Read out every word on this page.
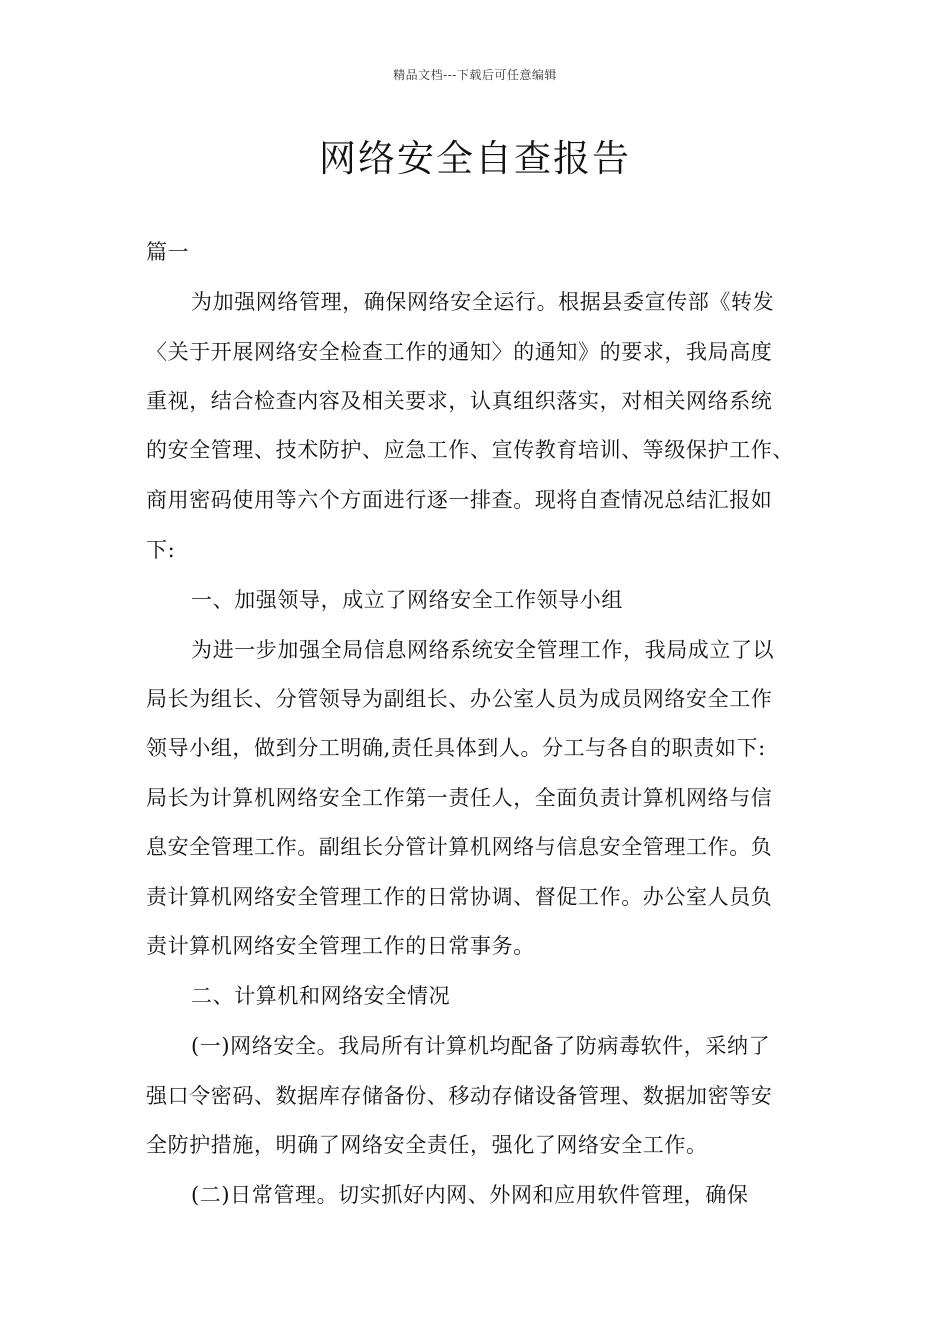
精品文档---下载后可任意编辑
网络安全自查报告
篇一
为加强网络管理，确保网络安全运行。根据县委宣传部《转发
〈关于开展网络安全检查工作的通知〉的通知》的要求，我局高度
重视，结合检查内容及相关要求，认真组织落实，对相关网络系统
的安全管理、技术防护、应急工作、宣传教育培训、等级保护工作、
商用密码使用等六个方面进行逐一排查。现将自查情况总结汇报如
下:
一、加强领导，成立了网络安全工作领导小组
为进一步加强全局信息网络系统安全管理工作，我局成立了以
局长为组长、分管领导为副组长、办公室人员为成员网络安全工作
领导小组，做到分工明确,责任具体到人。分工与各自的职责如下:
局长为计算机网络安全工作第一责任人，全面负责计算机网络与信
息安全管理工作。副组长分管计算机网络与信息安全管理工作。负
责计算机网络安全管理工作的日常协调、督促工作。办公室人员负
责计算机网络安全管理工作的日常事务。
二、计算机和网络安全情况
(一)网络安全。我局所有计算机均配备了防病毒软件，采纳了
强口令密码、数据库存储备份、移动存储设备管理、数据加密等安
全防护措施，明确了网络安全责任，强化了网络安全工作。
(二)日常管理。切实抓好内网、外网和应用软件管理，确保
